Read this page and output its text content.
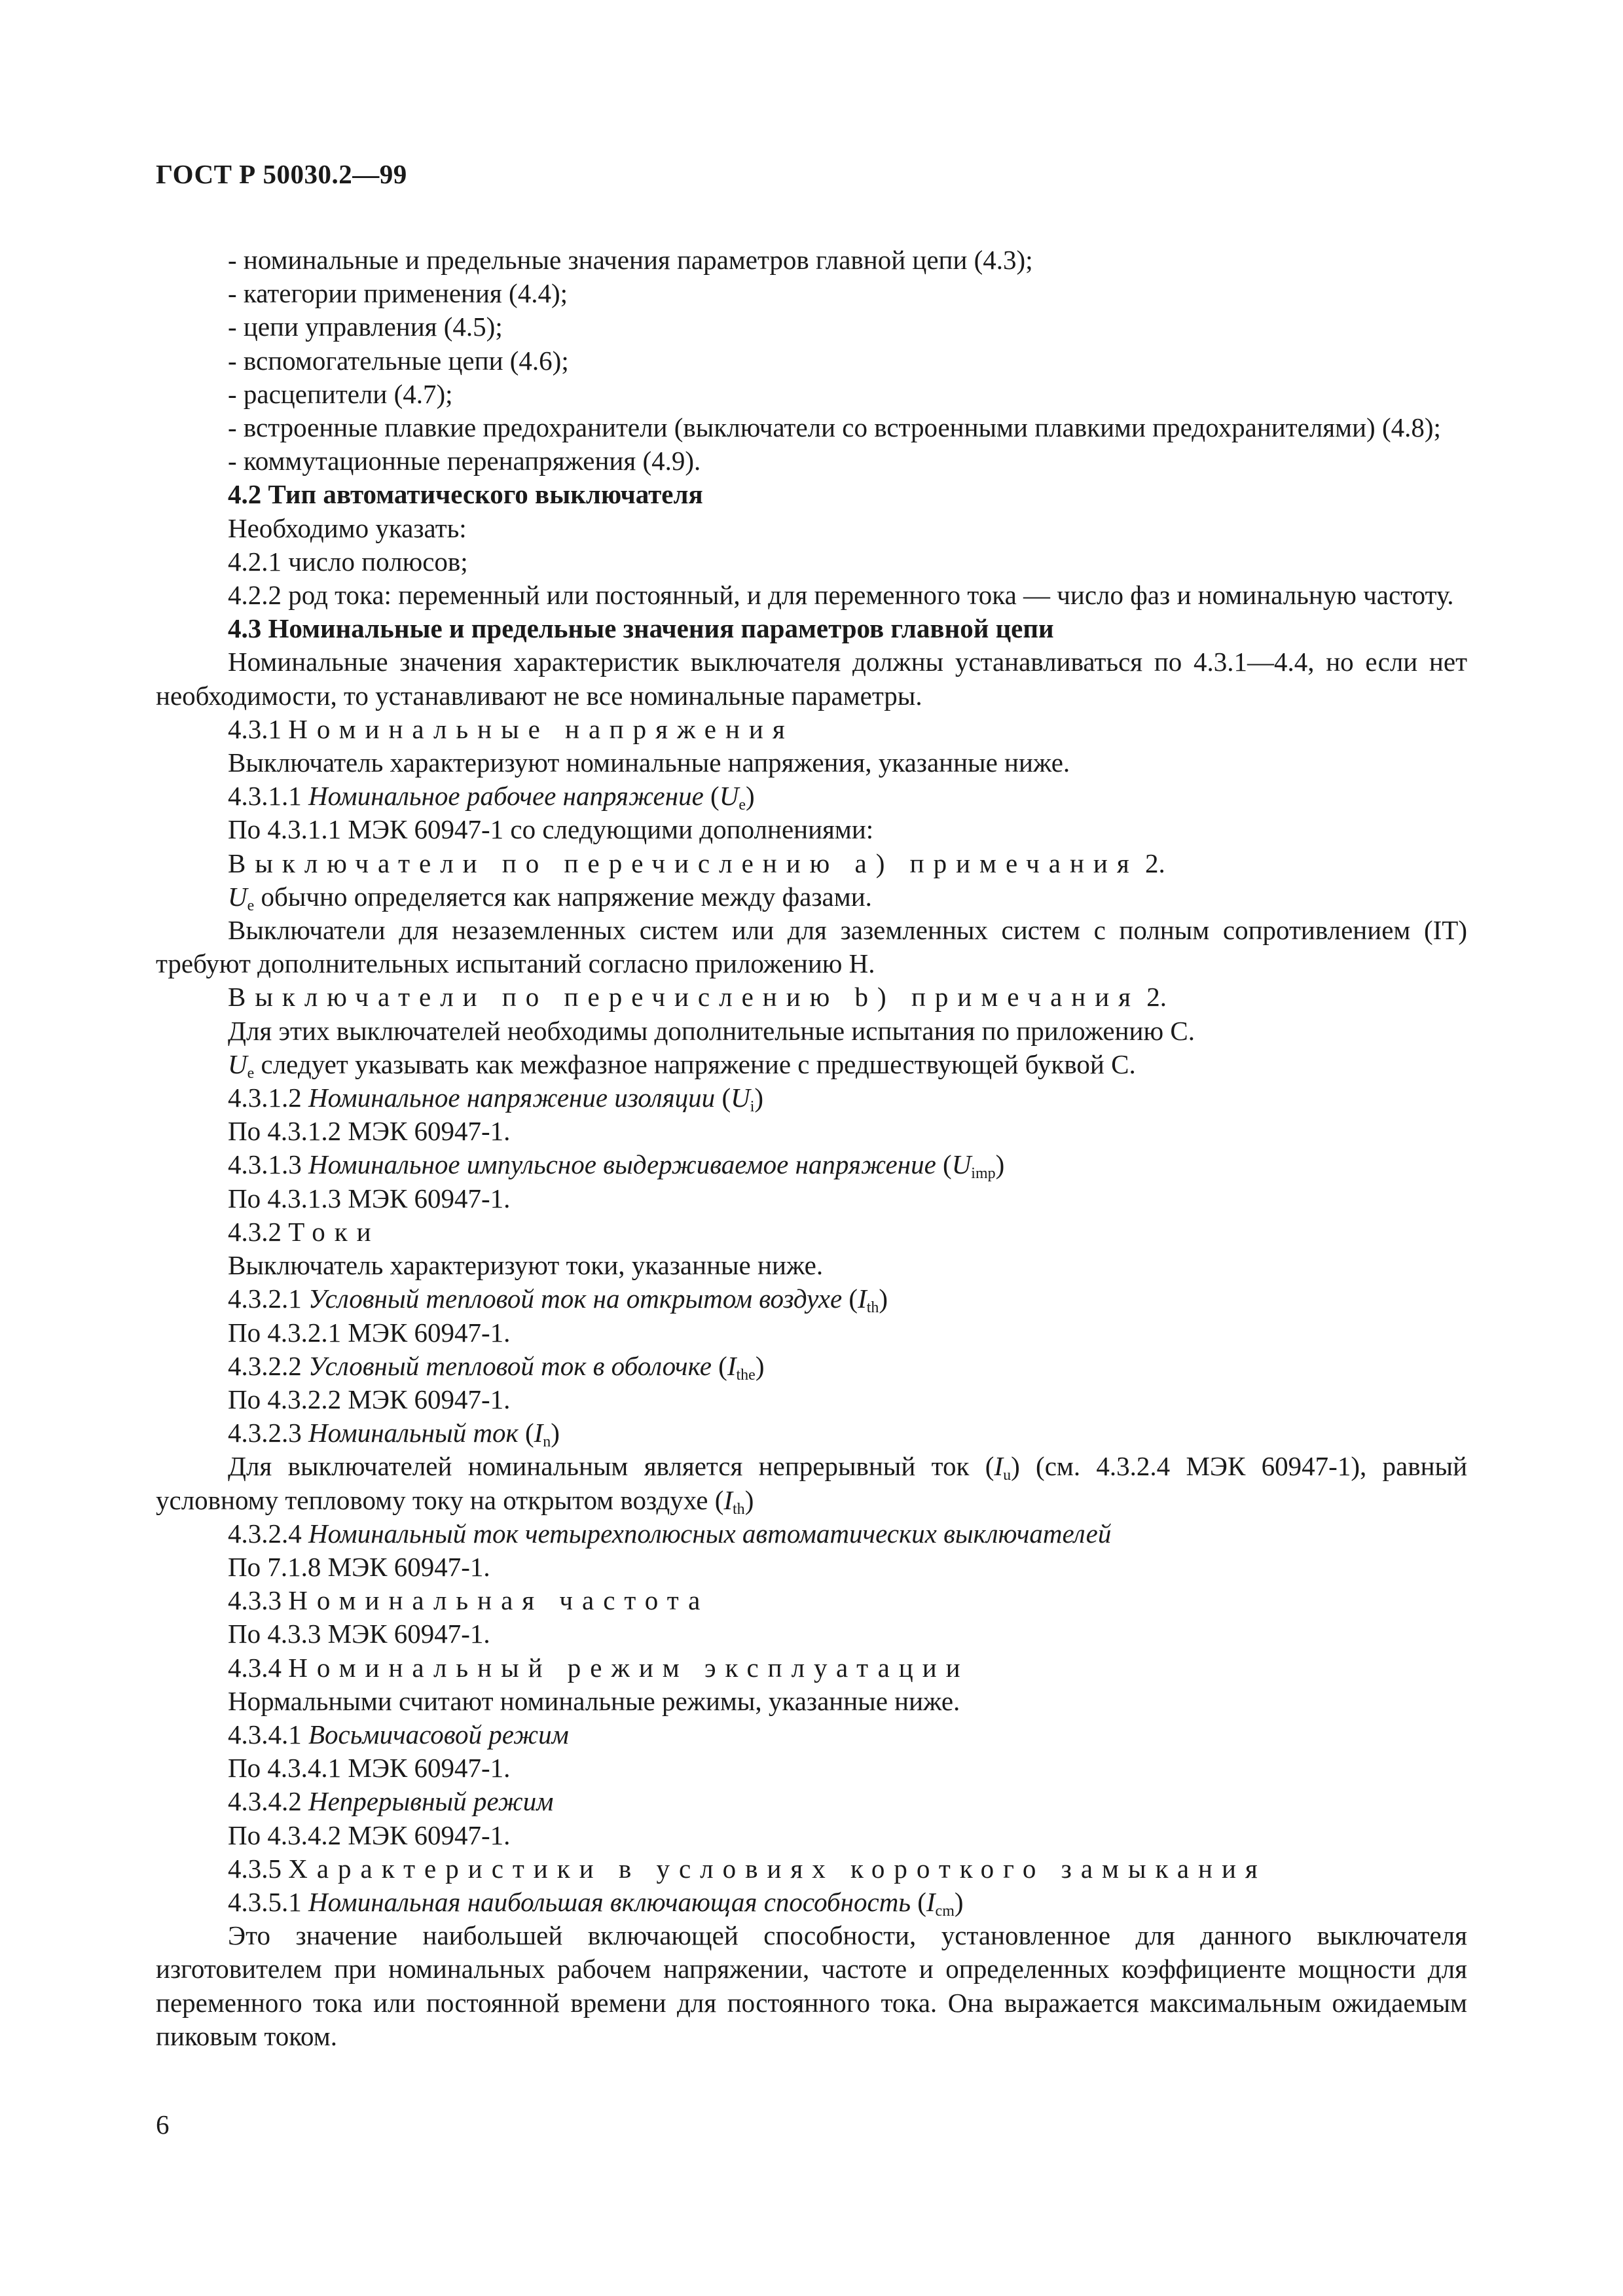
ГОСТ Р 50030.2—99

- номинальные и предельные значения параметров главной цепи (4.3);

- категории применения (4.4);

- цепи управления (4.5);

- вспомогательные цепи (4.6);

- расцепители (4.7);

- встроенные плавкие предохранители (выключатели со встроенными плавкими предохранителями) (4.8);

- коммутационные перенапряжения (4.9).

4.2 Тип автоматического выключателя

Необходимо указать:

4.2.1 число полюсов;

4.2.2 род тока: переменный или постоянный, и для переменного тока — число фаз и номинальную частоту.

4.3 Номинальные и предельные значения параметров главной цепи

Номинальные значения характеристик выключателя должны устанавливаться по 4.3.1—4.4, но если нет необходимости, то устанавливают не все номинальные параметры.

4.3.1 Номинальные напряжения

Выключатель характеризуют номинальные напряжения, указанные ниже.

4.3.1.1 Номинальное рабочее напряжение $(U_e)$

По 4.3.1.1 МЭК 60947-1 со следующими дополнениями:

Выключатели по перечислению а) примечания 2.

$U_e$ обычно определяется как напряжение между фазами.

Выключатели для незаземленных систем или для заземленных систем с полным сопротивлением (IT) требуют дополнительных испытаний согласно приложению Н.

Выключатели по перечислению b) примечания 2.

Для этих выключателей необходимы дополнительные испытания по приложению С.

$U_e$ следует указывать как межфазное напряжение с предшествующей буквой С.

4.3.1.2 Номинальное напряжение изоляции $(U_i)$

По 4.3.1.2 МЭК 60947-1.

4.3.1.3 Номинальное импульсное выдерживаемое напряжение $(U_{imp})$

По 4.3.1.3 МЭК 60947-1.

4.3.2 Токи

Выключатель характеризуют токи, указанные ниже.

4.3.2.1 Условный тепловой ток на открытом воздухе $(I_{th})$

По 4.3.2.1 МЭК 60947-1.

4.3.2.2 Условный тепловой ток в оболочке $(I_{the})$

По 4.3.2.2 МЭК 60947-1.

4.3.2.3 Номинальный ток $(I_n)$

Для выключателей номинальным является непрерывный ток $(I_u)$ (см. 4.3.2.4 МЭК 60947-1), равный условному тепловому току на открытом воздухе $(I_{th})$

4.3.2.4 Номинальный ток четырехполюсных автоматических выключателей

По 7.1.8 МЭК 60947-1.

4.3.3 Номинальная частота

По 4.3.3 МЭК 60947-1.

4.3.4 Номинальный режим эксплуатации

Нормальными считают номинальные режимы, указанные ниже.

4.3.4.1 Восьмичасовой режим

По 4.3.4.1 МЭК 60947-1.

4.3.4.2 Непрерывный режим

По 4.3.4.2 МЭК 60947-1.

4.3.5 Характеристики в условиях короткого замыкания

4.3.5.1 Номинальная наибольшая включающая способность $(I_{cm})$

Это значение наибольшей включающей способности, установленное для данного выключателя изготовителем при номинальных рабочем напряжении, частоте и определенных коэффициенте мощности для переменного тока или постоянной времени для постоянного тока. Она выражается максимальным ожидаемым пиковым током.

6
